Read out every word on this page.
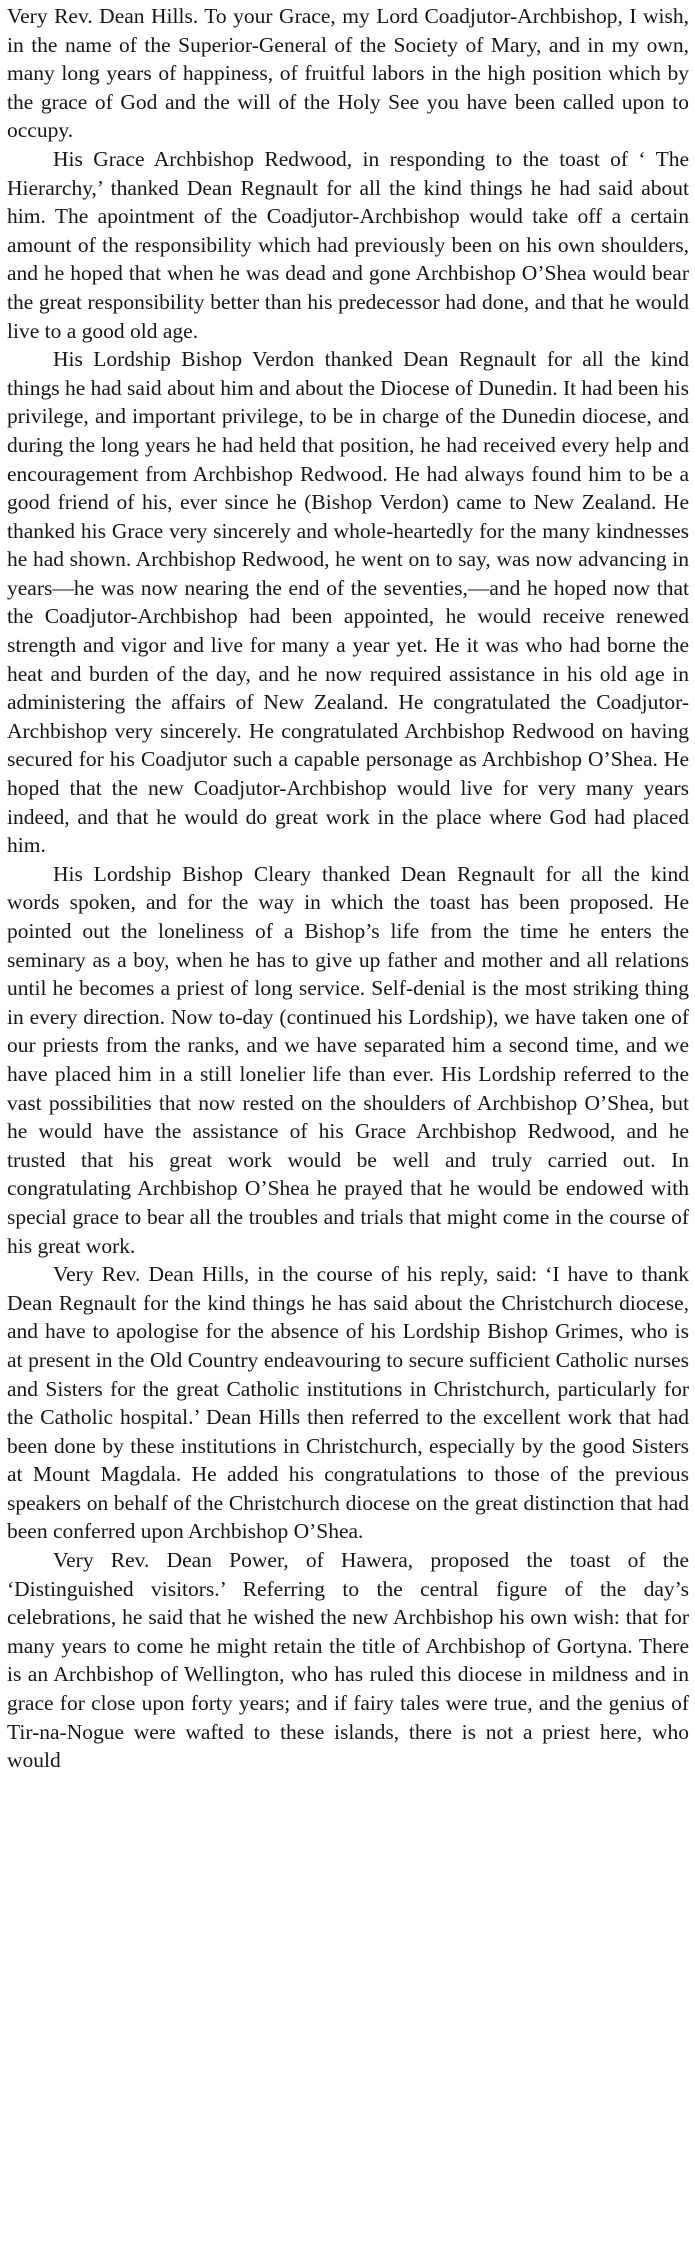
Very Rev. Dean Hills. To your Grace, my Lord Coadjutor-Archbishop, I wish, in the name of the Superior-General of the Society of Mary, and in my own, many long years of happiness, of fruitful labors in the high position which by the grace of God and the will of the Holy See you have been called upon to occupy.

His Grace Archbishop Redwood, in responding to the toast of ‘ The Hierarchy,’ thanked Dean Regnault for all the kind things he had said about him. The apointment of the Coadjutor-Archbishop would take off a certain amount of the responsibility which had previously been on his own shoulders, and he hoped that when he was dead and gone Archbishop O’Shea would bear the great responsibility better than his predecessor had done, and that he would live to a good old age.

His Lordship Bishop Verdon thanked Dean Regnault for all the kind things he had said about him and about the Diocese of Dunedin. It had been his privilege, and important privilege, to be in charge of the Dunedin diocese, and during the long years he had held that position, he had received every help and encouragement from Archbishop Redwood. He had always found him to be a good friend of his, ever since he (Bishop Verdon) came to New Zealand. He thanked his Grace very sincerely and whole-heartedly for the many kindnesses he had shown. Archbishop Redwood, he went on to say, was now advancing in years—he was now nearing the end of the seventies,—and he hoped now that the Coadjutor-Archbishop had been appointed, he would receive renewed strength and vigor and live for many a year yet. He it was who had borne the heat and burden of the day, and he now required assistance in his old age in administering the affairs of New Zealand. He congratulated the Coadjutor-Archbishop very sincerely. He congratulated Archbishop Redwood on having secured for his Coadjutor such a capable personage as Archbishop O’Shea. He hoped that the new Coadjutor-Archbishop would live for very many years indeed, and that he would do great work in the place where God had placed him.

His Lordship Bishop Cleary thanked Dean Regnault for all the kind words spoken, and for the way in which the toast has been proposed. He pointed out the loneliness of a Bishop’s life from the time he enters the seminary as a boy, when he has to give up father and mother and all relations until he becomes a priest of long service. Self-denial is the most striking thing in every direction. Now to-day (continued his Lordship), we have taken one of our priests from the ranks, and we have separated him a second time, and we have placed him in a still lonelier life than ever. His Lordship referred to the vast possibilities that now rested on the shoulders of Archbishop O’Shea, but he would have the assistance of his Grace Archbishop Redwood, and he trusted that his great work would be well and truly carried out. In congratulating Archbishop O’Shea he prayed that he would be endowed with special grace to bear all the troubles and trials that might come in the course of his great work.

Very Rev. Dean Hills, in the course of his reply, said: ‘I have to thank Dean Regnault for the kind things he has said about the Christchurch diocese, and have to apologise for the absence of his Lordship Bishop Grimes, who is at present in the Old Country endeavouring to secure sufficient Catholic nurses and Sisters for the great Catholic institutions in Christchurch, particularly for the Catholic hospital.’ Dean Hills then referred to the excellent work that had been done by these institutions in Christchurch, especially by the good Sisters at Mount Magdala. He added his congratulations to those of the previous speakers on behalf of the Christchurch diocese on the great distinction that had been conferred upon Archbishop O’Shea.

Very Rev. Dean Power, of Hawera, proposed the toast of the ‘Distinguished visitors.’ Referring to the central figure of the day’s celebrations, he said that he wished the new Archbishop his own wish: that for many years to come he might retain the title of Archbishop of Gortyna. There is an Archbishop of Wellington, who has ruled this diocese in mildness and in grace for close upon forty years; and if fairy tales were true, and the genius of Tir-na-Nogue were wafted to these islands, there is not a priest here, who would
